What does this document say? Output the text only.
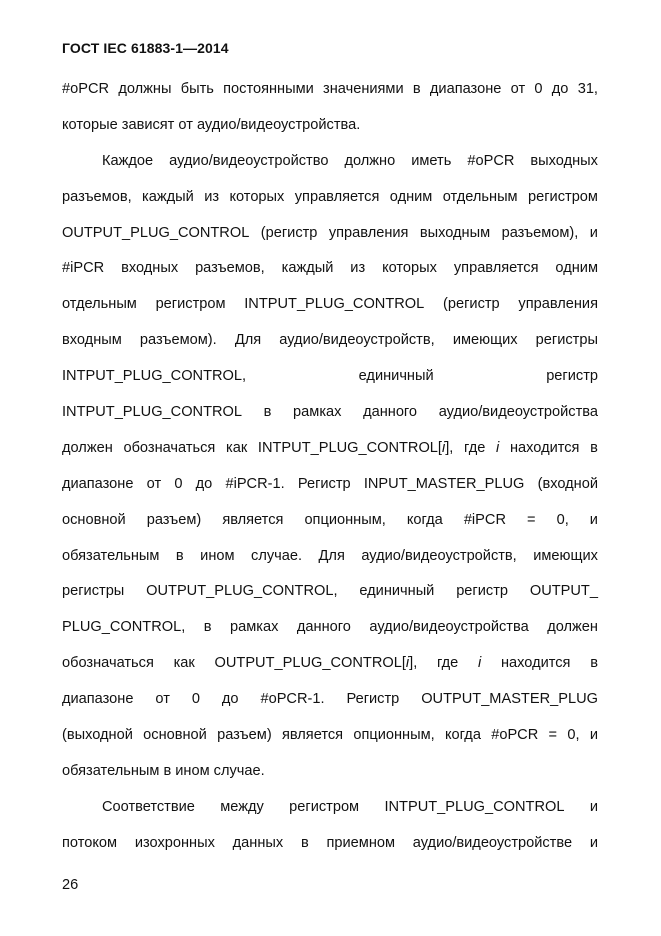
ГОСТ IEC 61883-1—2014
#oPCR должны быть постоянными значениями в диапазоне от 0 до 31,
которые зависят от аудио/видеоустройства.
Каждое аудио/видеоустройство должно иметь #oPCR выходных
разъемов, каждый из которых управляется одним отдельным регистром
OUTPUT_PLUG_CONTROL (регистр управления выходным разъемом), и
#iPCR входных разъемов, каждый из которых управляется одним
отдельным регистром INTPUT_PLUG_CONTROL (регистр управления
входным разъемом). Для аудио/видеоустройств, имеющих регистры
INTPUT_PLUG_CONTROL,	единичный	регистр
INTPUT_PLUG_CONTROL в рамках данного аудио/видеоустройства
должен обозначаться как INTPUT_PLUG_CONTROL[i], где i находится в
диапазоне от 0 до #iPCR-1. Регистр INPUT_MASTER_PLUG (входной
основной разъем) является опционным, когда #iPCR = 0, и
обязательным в ином случае. Для аудио/видеоустройств, имеющих
регистры OUTPUT_PLUG_CONTROL, единичный регистр OUTPUT_
PLUG_CONTROL, в рамках данного аудио/видеоустройства должен
обозначаться как OUTPUT_PLUG_CONTROL[i], где i находится в
диапазоне от 0 до #oPCR-1. Регистр OUTPUT_MASTER_PLUG
(выходной основной разъем) является опционным, когда #oPCR = 0, и
обязательным в ином случае.
Соответствие между регистром INTPUT_PLUG_CONTROL и
потоком изохронных данных в приемном аудио/видеоустройстве и
26
